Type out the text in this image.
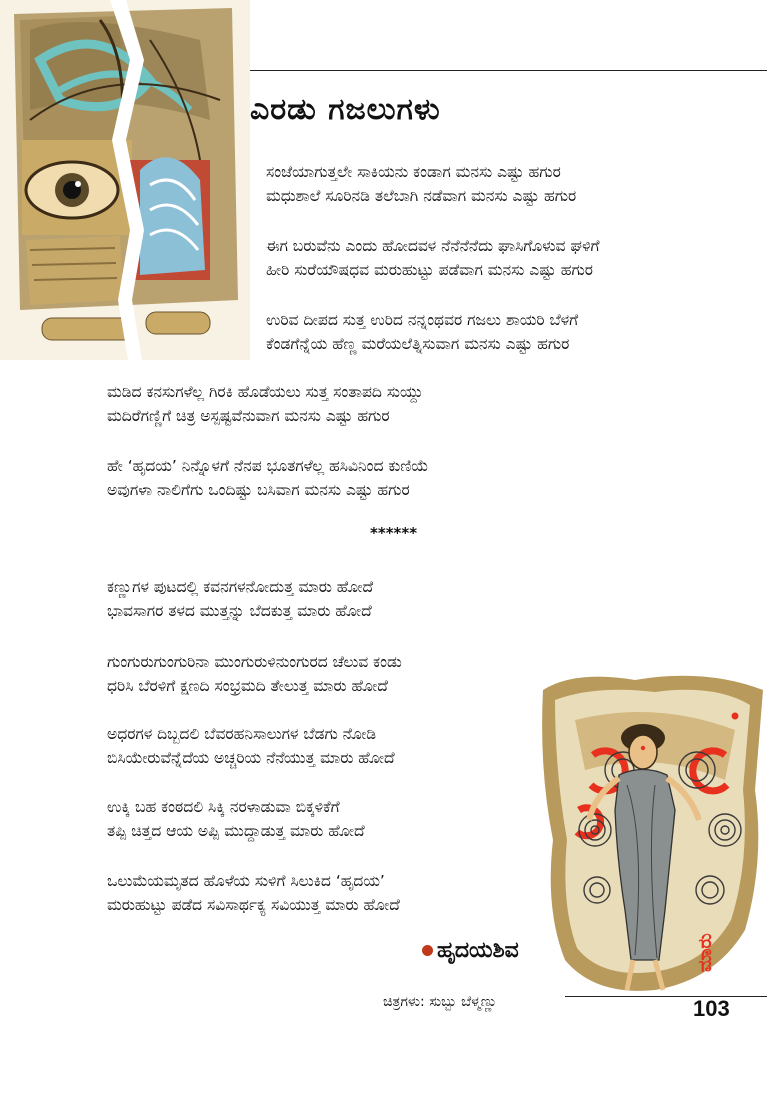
ಎರಡು ಗಜಲುಗಳು
ಸಂಜೆಯಾಗುತ್ತಲೇ ಸಾಕಿಯನು ಕಂಡಾಗ ಮನಸು ಎಷ್ಟು ಹಗುರ
ಮಧುಶಾಲೆ ಸೂರಿನಡಿ ತಲೆಬಾಗಿ ನಡೆವಾಗ ಮನಸು ಎಷ್ಟು ಹಗುರ
ಈಗ ಬರುವೆನು ಎಂದು ಹೋದವಳ ನೆನೆನೆನೆದು ಘಾಸಿಗೊಳುವ ಘಳಿಗೆ
ಹೀರಿ ಸುರೆಯೌಷಧವ ಮರುಹುಟ್ಟು ಪಡೆವಾಗ ಮನಸು ಎಷ್ಟು ಹಗುರ
ಉರಿವ ದೀಪದ ಸುತ್ತ ಉರಿದ ನನ್ನಂಥವರ ಗಜಲು ಶಾಯರಿ ಬೆಳಗೆ
ಕೆಂಡಗೆನ್ನೆಯ ಹೆಣ್ಣ ಮರೆಯಲೆತ್ನಿಸುವಾಗ ಮನಸು ಎಷ್ಟು ಹಗುರ
ಮಡಿದ ಕನಸುಗಳೆಲ್ಲ ಗಿರಕಿ ಹೊಡೆಯಲು ಸುತ್ತ ಸಂತಾಪದಿ ಸುಯ್ದು
ಮದಿರೆಗಣ್ಣಿಗೆ ಚಿತ್ರ ಅಸ್ಪಷ್ಟವೆನುವಾಗ ಮನಸು ಎಷ್ಟು ಹಗುರ
ಹೇ ‘ಹೃದಯ’ ನಿನ್ನೊಳಗೆ ನೆನಪ ಭೂತಗಳೆಲ್ಲ ಹಸಿವಿನಿಂದ ಕುಣಿಯೆ
ಅವುಗಳಾ ನಾಲಿಗೆಗು ಒಂದಿಷ್ಟು ಬಸಿವಾಗ ಮನಸು ಎಷ್ಟು ಹಗುರ
******
ಕಣ್ಣುಗಳ ಪುಟದಲ್ಲಿ ಕವನಗಳನೋದುತ್ತ ಮಾರು ಹೋದೆ
ಭಾವಸಾಗರ ತಳದ ಮುತ್ತನ್ನು ಬೆದಕುತ್ತ ಮಾರು ಹೋದೆ
ಗುಂಗುರುಗುಂಗುರಿನಾ ಮುಂಗುರುಳಿನುಂಗುರದ ಚೆಲುವ ಕಂಡು
ಧರಿಸಿ ಬೆರಳಿಗೆ ಕ್ಷಣದಿ ಸಂಭ್ರಮದಿ ತೇಲುತ್ತ ಮಾರು ಹೋದೆ
ಅಧರಗಳ ದಿಬ್ಬದಲಿ ಬೆವರಹನಿಸಾಲುಗಳ ಬೆಡಗು ನೋಡಿ
ಬಿಸಿಯೇರುವೆನ್ನೆದೆಯ ಅಚ್ಚರಿಯ ನೆನೆಯುತ್ತ ಮಾರು ಹೋದೆ
ಉಕ್ಕಿ ಬಹ ಕಂಠದಲಿ ಸಿಕ್ಕಿ ನರಳಾಡುವಾ ಬಿಕ್ಕಳಿಕೆಗೆ
ತಪ್ಪಿ ಚಿತ್ತದ ಆಯ ಅಪ್ಪಿ ಮುದ್ದಾಡುತ್ತ ಮಾರು ಹೋದೆ
ಒಲುಮೆಯಮೃತದ ಹೊಳೆಯ ಸುಳಿಗೆ ಸಿಲುಕಿದ ‘ಹೃದಯ’
ಮರುಹುಟ್ಟು ಪಡೆದ ಸವಿಸಾರ್ಥಕ್ಯ ಸವಿಯುತ್ತ ಮಾರು ಹೋದೆ
ಮಾರು
ಹೃದಯಶಿವ
ಚಿತ್ರಗಳು: ಸುಬ್ಬು ಬೆಳ್ಮಣ್ಣು	103
